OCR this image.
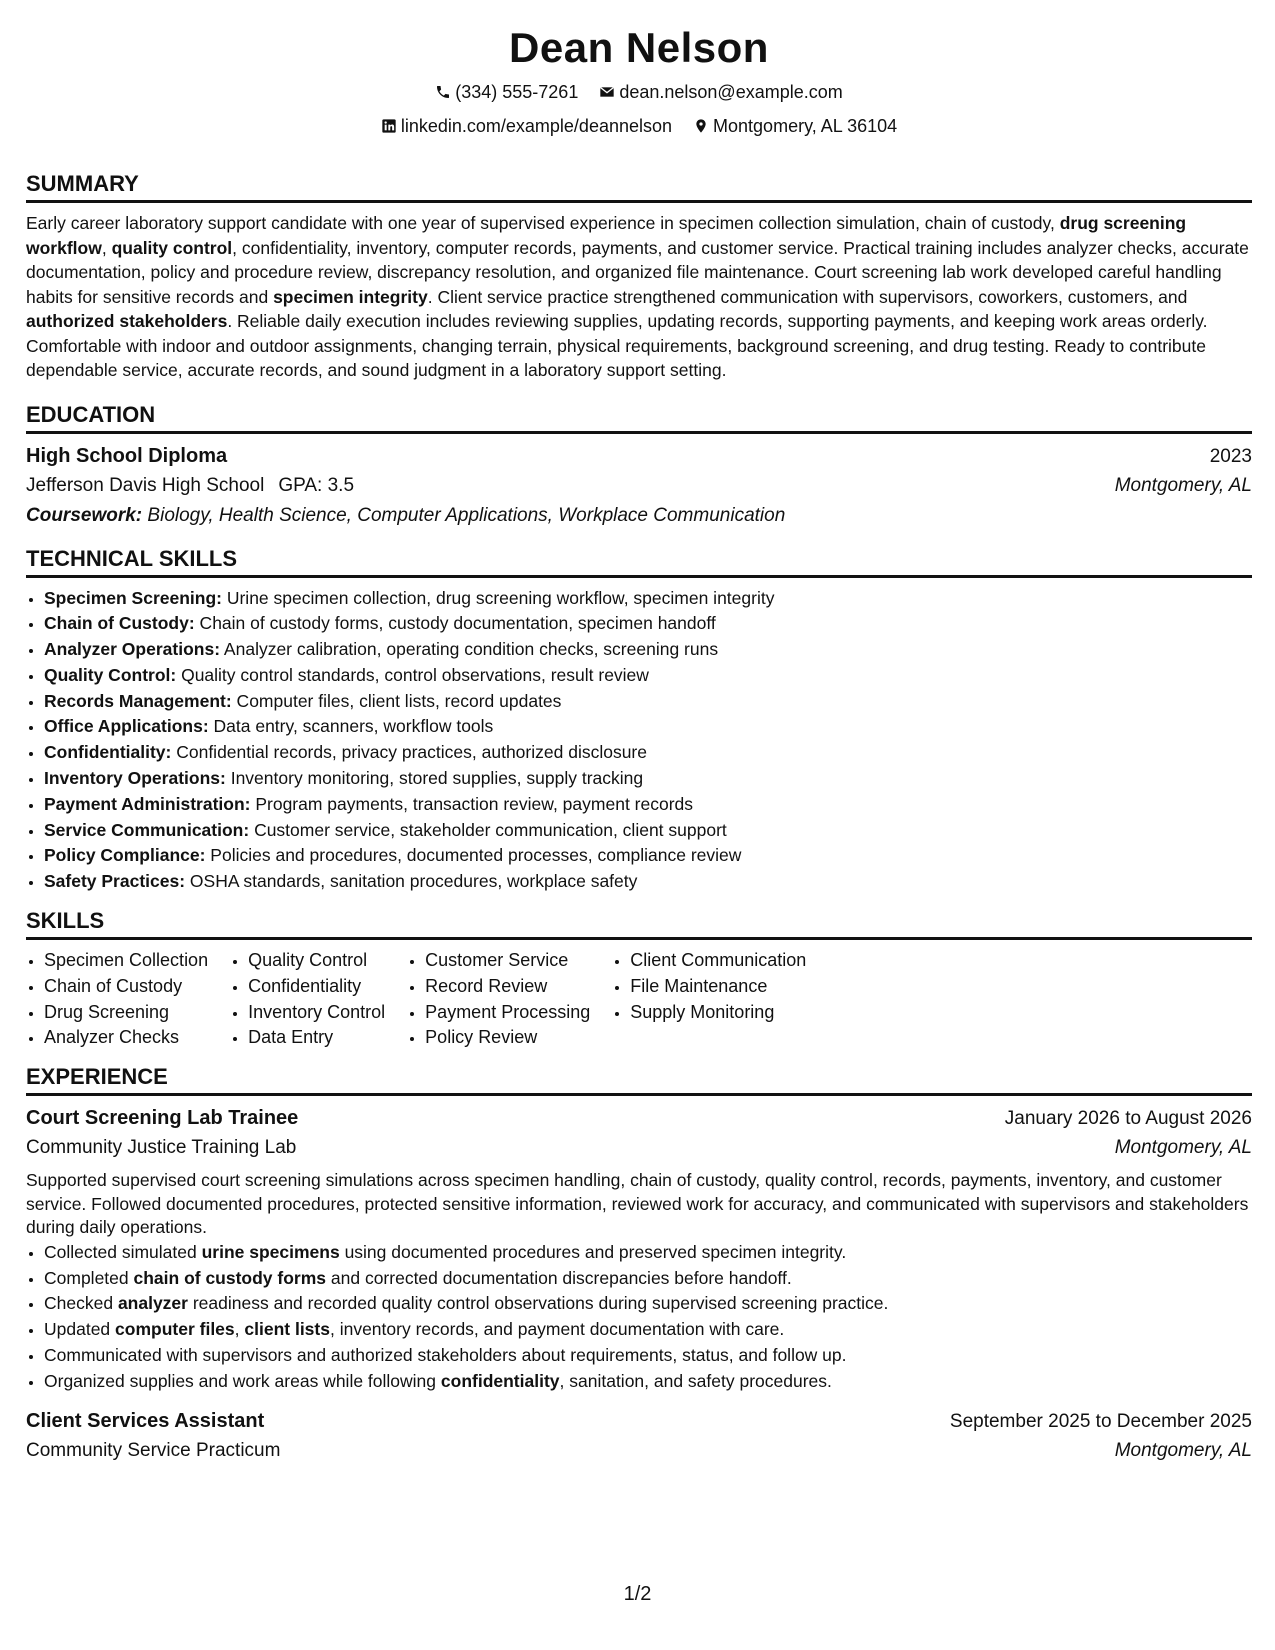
Dean Nelson
(334) 555-7261
dean.nelson@example.com
linkedin.com/example/deannelson
Montgomery, AL 36104
SUMMARY
Early career laboratory support candidate with one year of supervised experience in specimen collection simulation, chain of custody, drug screening workflow, quality control, confidentiality, inventory, computer records, payments, and customer service. Practical training includes analyzer checks, accurate documentation, policy and procedure review, discrepancy resolution, and organized file maintenance. Court screening lab work developed careful handling habits for sensitive records and specimen integrity. Client service practice strengthened communication with supervisors, coworkers, customers, and authorized stakeholders. Reliable daily execution includes reviewing supplies, updating records, supporting payments, and keeping work areas orderly. Comfortable with indoor and outdoor assignments, changing terrain, physical requirements, background screening, and drug testing. Ready to contribute dependable service, accurate records, and sound judgment in a laboratory support setting.
EDUCATION
High School Diploma	2023
Jefferson Davis High School GPA: 3.5	Montgomery, AL
Coursework: Biology, Health Science, Computer Applications, Workplace Communication
TECHNICAL SKILLS
• Specimen Screening: Urine specimen collection, drug screening workflow, specimen integrity
• Chain of Custody: Chain of custody forms, custody documentation, specimen handoff
• Analyzer Operations: Analyzer calibration, operating condition checks, screening runs
• Quality Control: Quality control standards, control observations, result review
• Records Management: Computer files, client lists, record updates
• Office Applications: Data entry, scanners, workflow tools
• Confidentiality: Confidential records, privacy practices, authorized disclosure
• Inventory Operations: Inventory monitoring, stored supplies, supply tracking
• Payment Administration: Program payments, transaction review, payment records
• Service Communication: Customer service, stakeholder communication, client support
• Policy Compliance: Policies and procedures, documented processes, compliance review
• Safety Practices: OSHA standards, sanitation procedures, workplace safety
SKILLS
• Specimen Collection
• Chain of Custody
• Drug Screening
• Analyzer Checks
• Quality Control
• Confidentiality
• Inventory Control
• Data Entry
• Customer Service
• Record Review
• Payment Processing
• Policy Review
• Client Communication
• File Maintenance
• Supply Monitoring
EXPERIENCE
Court Screening Lab Trainee	January 2026 to August 2026
Community Justice Training Lab	Montgomery, AL
Supported supervised court screening simulations across specimen handling, chain of custody, quality control, records, payments, inventory, and customer service. Followed documented procedures, protected sensitive information, reviewed work for accuracy, and communicated with supervisors and stakeholders during daily operations.
• Collected simulated urine specimens using documented procedures and preserved specimen integrity.
• Completed chain of custody forms and corrected documentation discrepancies before handoff.
• Checked analyzer readiness and recorded quality control observations during supervised screening practice.
• Updated computer files, client lists, inventory records, and payment documentation with care.
• Communicated with supervisors and authorized stakeholders about requirements, status, and follow up.
• Organized supplies and work areas while following confidentiality, sanitation, and safety procedures.
Client Services Assistant	September 2025 to December 2025
Community Service Practicum	Montgomery, AL
1/2
